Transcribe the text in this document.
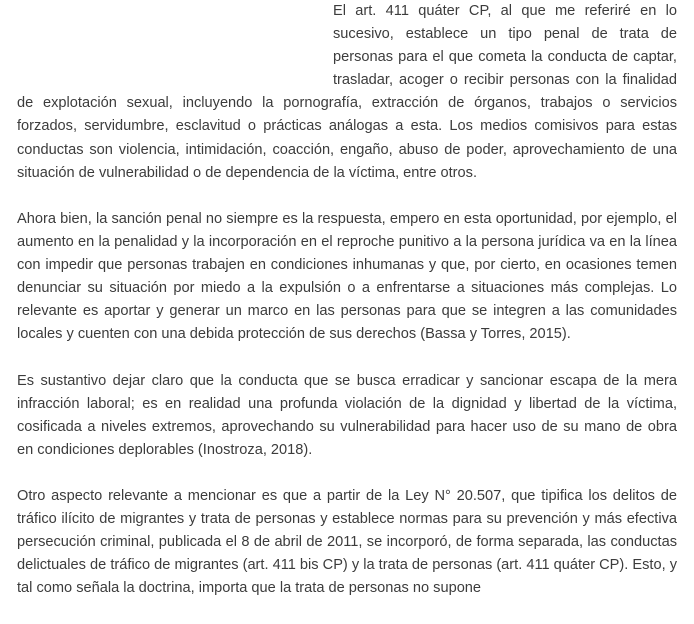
El art. 411 quáter CP, al que me referiré en lo sucesivo, establece un tipo penal de trata de personas para el que cometa la conducta de captar, trasladar, acoger o recibir personas con la finalidad de explotación sexual, incluyendo la pornografía, extracción de órganos, trabajos o servicios forzados, servidumbre, esclavitud o prácticas análogas a esta. Los medios comisivos para estas conductas son violencia, intimidación, coacción, engaño, abuso de poder, aprovechamiento de una situación de vulnerabilidad o de dependencia de la víctima, entre otros.

Ahora bien, la sanción penal no siempre es la respuesta, empero en esta oportunidad, por ejemplo, el aumento en la penalidad y la incorporación en el reproche punitivo a la persona jurídica va en la línea con impedir que personas trabajen en condiciones inhumanas y que, por cierto, en ocasiones temen denunciar su situación por miedo a la expulsión o a enfrentarse a situaciones más complejas. Lo relevante es aportar y generar un marco en las personas para que se integren a las comunidades locales y cuenten con una debida protección de sus derechos (Bassa y Torres, 2015).

Es sustantivo dejar claro que la conducta que se busca erradicar y sancionar escapa de la mera infracción laboral; es en realidad una profunda violación de la dignidad y libertad de la víctima, cosificada a niveles extremos, aprovechando su vulnerabilidad para hacer uso de su mano de obra en condiciones deplorables (Inostroza, 2018).

Otro aspecto relevante a mencionar es que a partir de la Ley N° 20.507, que tipifica los delitos de tráfico ilícito de migrantes y trata de personas y establece normas para su prevención y más efectiva persecución criminal, publicada el 8 de abril de 2011, se incorporó, de forma separada, las conductas delictuales de tráfico de migrantes (art. 411 bis CP) y la trata de personas (art. 411 quáter CP). Esto, y tal como señala la doctrina, importa que la trata de personas no supone
